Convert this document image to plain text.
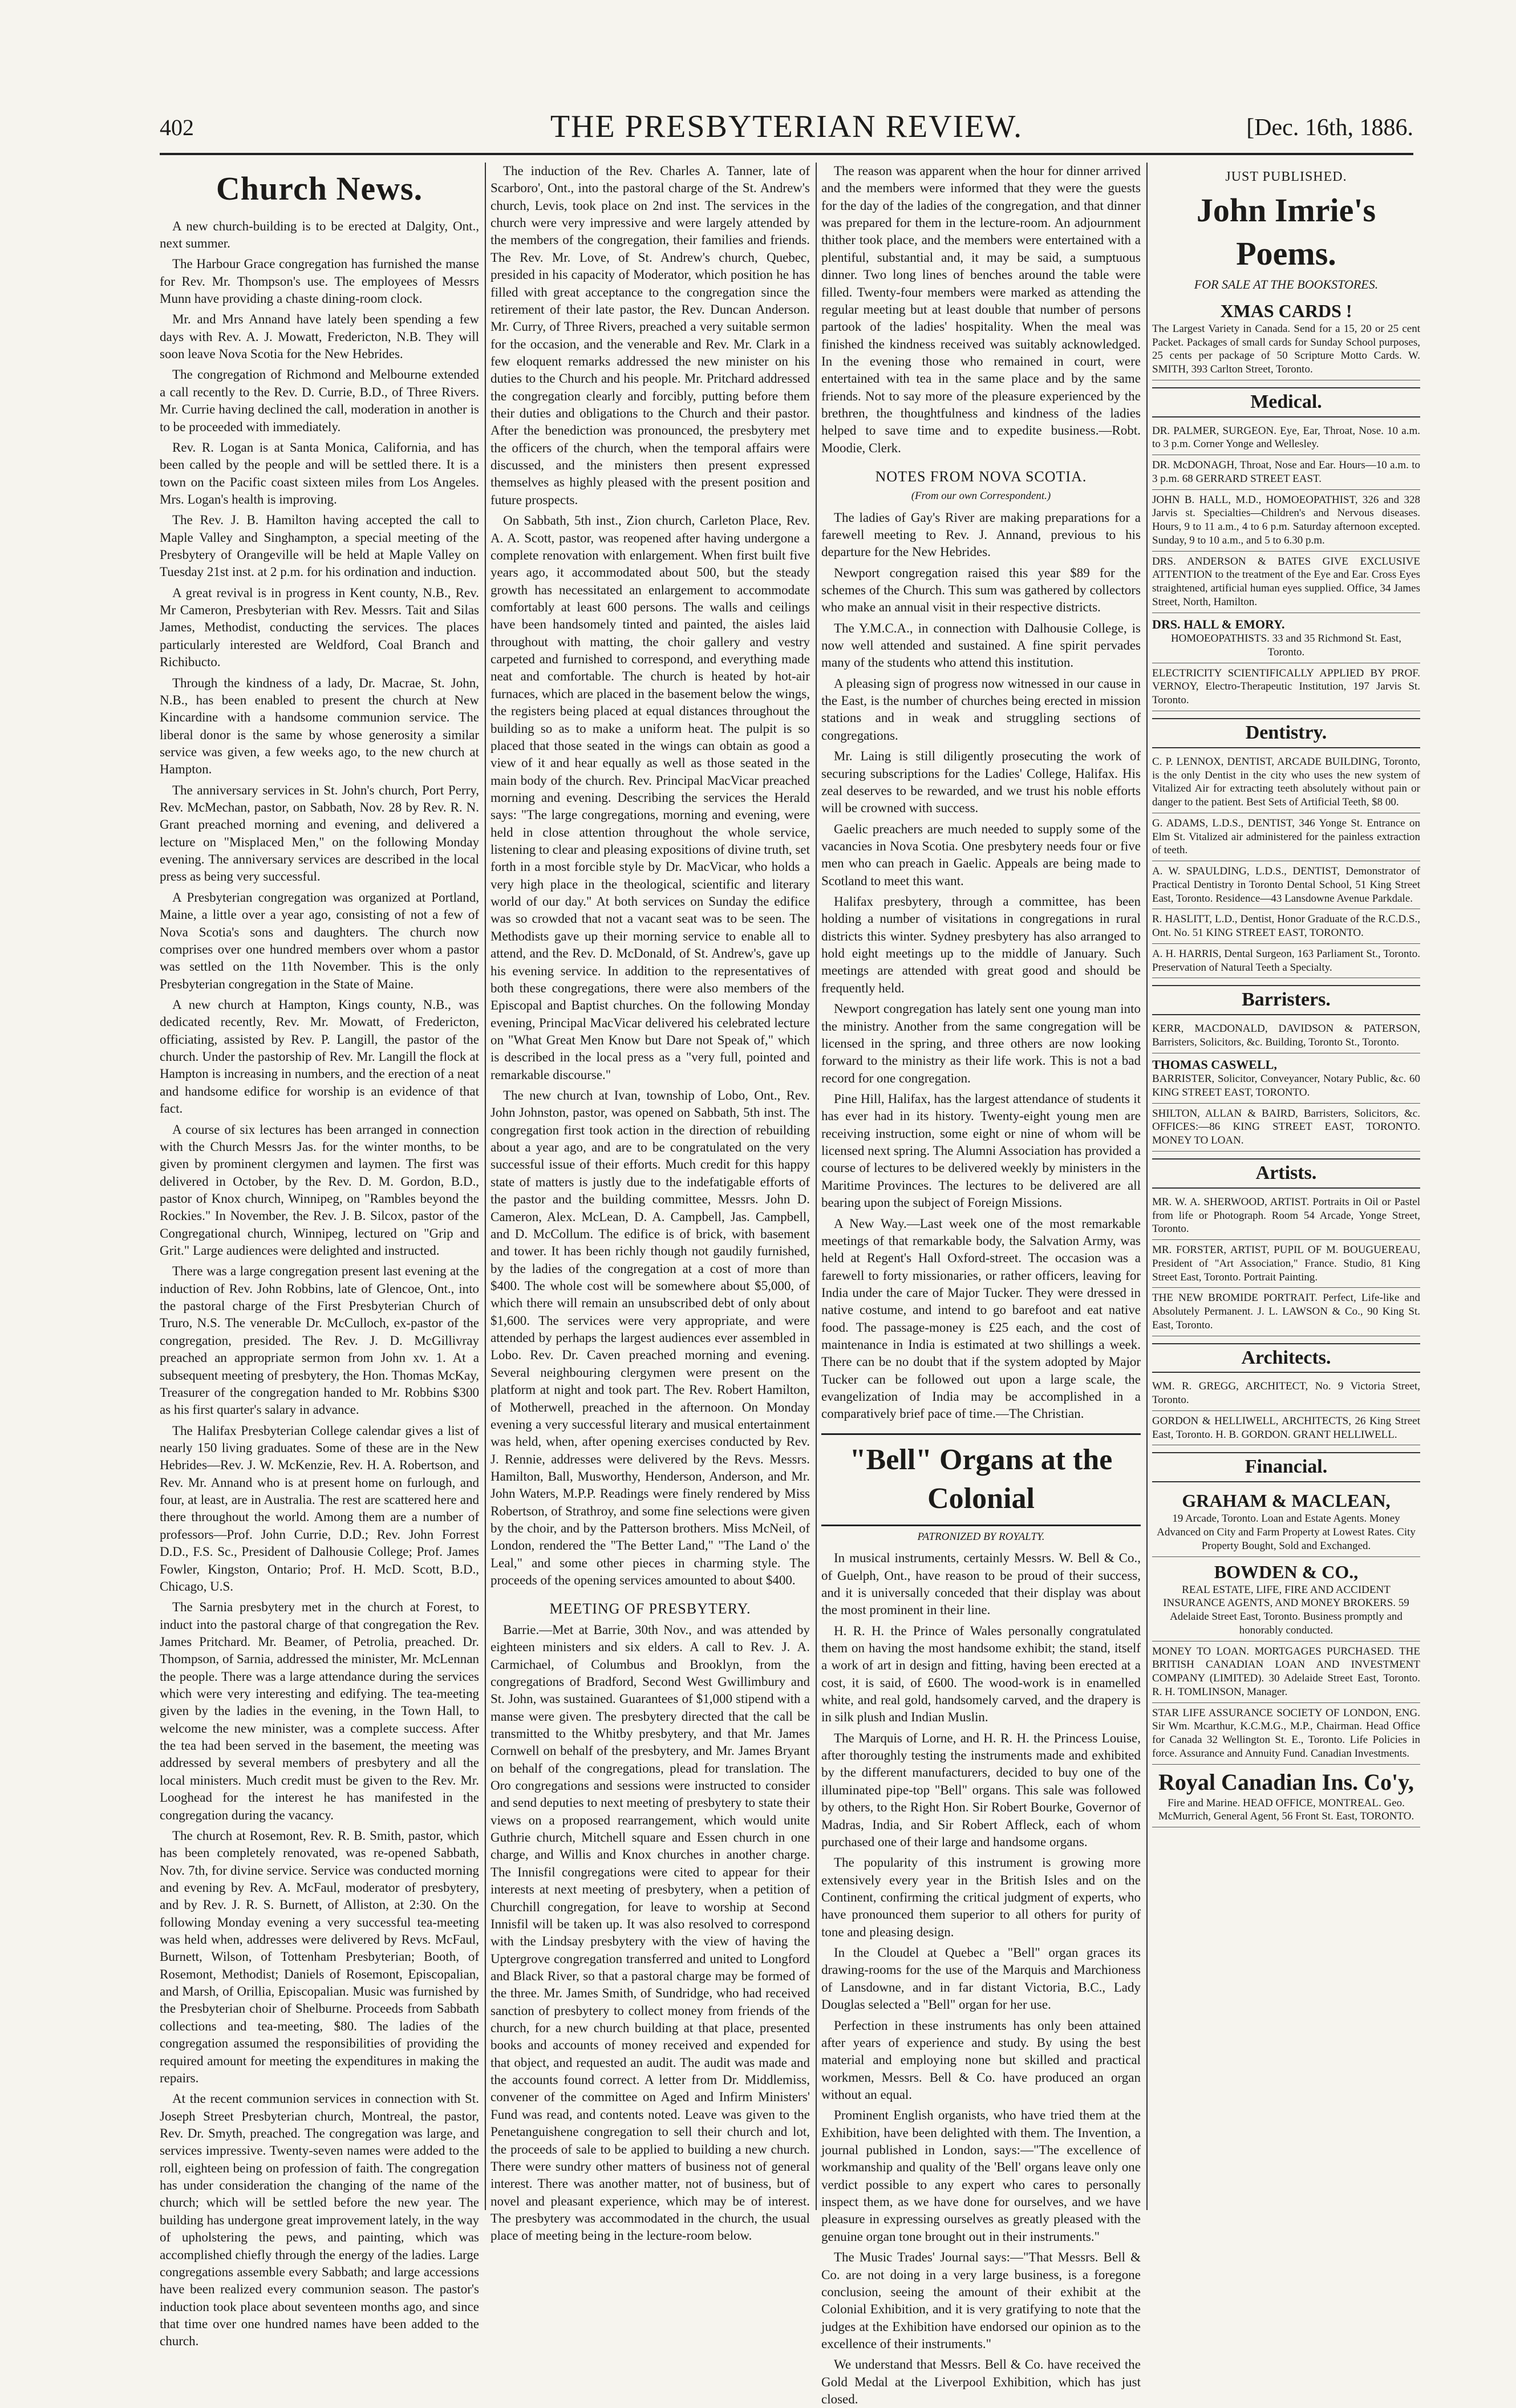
402	THE PRESBYTERIAN REVIEW.	[Dec. 16th, 1886.
Church News.

A new church-building is to be erected at Dalgity, Ont., next summer.

The Harbour Grace congregation has furnished the manse for Rev. Mr. Thompson's use. The employees of Messrs Munn have providing a chaste dining-room clock.

Mr. and Mrs Annand have lately been spending a few days with Rev. A. J. Mowatt, Fredericton, N.B. They will soon leave Nova Scotia for the New Hebrides.

The congregation of Richmond and Melbourne extended a call recently to the Rev. D. Currie, B.D., of Three Rivers. Mr. Currie having declined the call, moderation in another is to be proceeded with immediately.

Rev. R. Logan is at Santa Monica, California, and has been called by the people and will be settled there. It is a town on the Pacific coast sixteen miles from Los Angeles. Mrs. Logan's health is improving.

The Rev. J. B. Hamilton having accepted the call to Maple Valley and Singhampton, a special meeting of the Presbytery of Orangeville will be held at Maple Valley on Tuesday 21st inst. at 2 p.m. for his ordination and induction.

A great revival is in progress in Kent county, N.B., Rev. Mr Cameron, Presbyterian with Rev. Messrs. Tait and Silas James, Methodist, conducting the services. The places particularly interested are Weldford, Coal Branch and Richibucto.

Through the kindness of a lady, Dr. Macrae, St. John, N.B., has been enabled to present the church at New Kincardine with a handsome communion service. The liberal donor is the same by whose generosity a similar service was given, a few weeks ago, to the new church at Hampton.

The anniversary services in St. John's church, Port Perry, Rev. McMechan, pastor, on Sabbath, Nov. 28 by Rev. R. N. Grant preached morning and evening, and delivered a lecture on "Misplaced Men," on the following Monday evening. The anniversary services are described in the local press as being very successful.

A Presbyterian congregation was organized at Portland, Maine, a little over a year ago, consisting of not a few of Nova Scotia's sons and daughters. The church now comprises over one hundred members over whom a pastor was settled on the 11th November. This is the only Presbyterian congregation in the State of Maine.

A new church at Hampton, Kings county, N.B., was dedicated recently, Rev. Mr. Mowatt, of Fredericton, officiating, assisted by Rev. P. Langill, the pastor of the church. Under the pastorship of Rev. Mr. Langill the flock at Hampton is increasing in numbers, and the erection of a neat and handsome edifice for worship is an evidence of that fact.

A course of six lectures has been arranged in connection with the Church Messrs Jas. for the winter months, to be given by prominent clergymen and laymen. The first was delivered in October, by the Rev. D. M. Gordon, B.D., pastor of Knox church, Winnipeg, on "Rambles beyond the Rockies." In November, the Rev. J. B. Silcox, pastor of the Congregational church, Winnipeg, lectured on "Grip and Grit." Large audiences were delighted and instructed.

There was a large congregation present last evening at the induction of Rev. John Robbins, late of Glencoe, Ont., into the pastoral charge of the First Presbyterian Church of Truro, N.S. The venerable Dr. McCulloch, ex-pastor of the congregation, presided. The Rev. J. D. McGillivray preached an appropriate sermon from John xv. 1. At a subsequent meeting of presbytery, the Hon. Thomas McKay, Treasurer of the congregation handed to Mr. Robbins $300 as his first quarter's salary in advance.

The Halifax Presbyterian College calendar gives a list of nearly 150 living graduates. Some of these are in the New Hebrides—Rev. J. W. McKenzie, Rev. H. A. Robertson, and Rev. Mr. Annand who is at present home on furlough, and four, at least, are in Australia. The rest are scattered here and there throughout the world. Among them are a number of professors—Prof. John Currie, D.D.; Rev. John Forrest D.D., F.S. Sc., President of Dalhousie College; Prof. James Fowler, Kingston, Ontario; Prof. H. McD. Scott, B.D., Chicago, U.S.

The Sarnia presbytery met in the church at Forest, to induct into the pastoral charge of that congregation the Rev. James Pritchard. Mr. Beamer, of Petrolia, preached. Dr. Thompson, of Sarnia, addressed the minister, Mr. McLennan the people. There was a large attendance during the services which were very interesting and edifying. The tea-meeting given by the ladies in the evening, in the Town Hall, to welcome the new minister, was a complete success. After the tea had been served in the basement, the meeting was addressed by several members of presbytery and all the local ministers. Much credit must be given to the Rev. Mr. Looghead for the interest he has manifested in the congregation during the vacancy.

The church at Rosemont, Rev. R. B. Smith, pastor, which has been completely renovated, was re-opened Sabbath, Nov. 7th, for divine service. Service was conducted morning and evening by Rev. A. McFaul, moderator of presbytery, and by Rev. J. R. S. Burnett, of Alliston, at 2:30. On the following Monday evening a very successful tea-meeting was held when, addresses were delivered by Revs. McFaul, Burnett, Wilson, of Tottenham Presbyterian; Booth, of Rosemont, Methodist; Daniels of Rosemont, Episcopalian, and Marsh, of Orillia, Episcopalian. Music was furnished by the Presbyterian choir of Shelburne. Proceeds from Sabbath collections and tea-meeting, $80. The ladies of the congregation assumed the responsibilities of providing the required amount for meeting the expenditures in making the repairs.

At the recent communion services in connection with St. Joseph Street Presbyterian church, Montreal, the pastor, Rev. Dr. Smyth, preached. The congregation was large, and services impressive. Twenty-seven names were added to the roll, eighteen being on profession of faith. The congregation has under consideration the changing of the name of the church; which will be settled before the new year. The building has undergone great improvement lately, in the way of upholstering the pews, and painting, which was accomplished chiefly through the energy of the ladies. Large congregations assemble every Sabbath; and large accessions have been realized every communion season. The pastor's induction took place about seventeen months ago, and since that time over one hundred names have been added to the church.

The induction of the Rev. Charles A. Tanner, late of Scarboro', Ont., into the pastoral charge of the St. Andrew's church, Levis, took place on 2nd inst. The services in the church were very impressive and were largely attended by the members of the congregation, their families and friends. The Rev. Mr. Love, of St. Andrew's church, Quebec, presided in his capacity of Moderator, which position he has filled with great acceptance to the congregation since the retirement of their late pastor, the Rev. Duncan Anderson. Mr. Curry, of Three Rivers, preached a very suitable sermon for the occasion, and the venerable and Rev. Mr. Clark in a few eloquent remarks addressed the new minister on his duties to the Church and his people. Mr. Pritchard addressed the congregation clearly and forcibly, putting before them their duties and obligations to the Church and their pastor. After the benediction was pronounced, the presbytery met the officers of the church, when the temporal affairs were discussed, and the ministers then present expressed themselves as highly pleased with the present position and future prospects.

On Sabbath, 5th inst., Zion church, Carleton Place, Rev. A. A. Scott, pastor, was reopened after having undergone a complete renovation with enlargement. When first built five years ago, it accommodated about 500, but the steady growth has necessitated an enlargement to accommodate comfortably at least 600 persons. The walls and ceilings have been handsomely tinted and painted, the aisles laid throughout with matting, the choir gallery and vestry carpeted and furnished to correspond, and everything made neat and comfortable. The church is heated by hot-air furnaces, which are placed in the basement below the wings, the registers being placed at equal distances throughout the building so as to make a uniform heat. The pulpit is so placed that those seated in the wings can obtain as good a view of it and hear equally as well as those seated in the main body of the church. Rev. Principal MacVicar preached morning and evening. Describing the services the Herald says: "The large congregations, morning and evening, were held in close attention throughout the whole service, listening to clear and pleasing expositions of divine truth, set forth in a most forcible style by Dr. MacVicar, who holds a very high place in the theological, scientific and literary world of our day." At both services on Sunday the edifice was so crowded that not a vacant seat was to be seen. The Methodists gave up their morning service to enable all to attend, and the Rev. D. McDonald, of St. Andrew's, gave up his evening service. In addition to the representatives of both these congregations, there were also members of the Episcopal and Baptist churches. On the following Monday evening, Principal MacVicar delivered his celebrated lecture on "What Great Men Know but Dare not Speak of," which is described in the local press as a "very full, pointed and remarkable discourse."

The new church at Ivan, township of Lobo, Ont., Rev. John Johnston, pastor, was opened on Sabbath, 5th inst. The congregation first took action in the direction of rebuilding about a year ago, and are to be congratulated on the very successful issue of their efforts. Much credit for this happy state of matters is justly due to the indefatigable efforts of the pastor and the building committee, Messrs. John D. Cameron, Alex. McLean, D. A. Campbell, Jas. Campbell, and D. McCollum. The edifice is of brick, with basement and tower. It has been richly though not gaudily furnished, by the ladies of the congregation at a cost of more than $400. The whole cost will be somewhere about $5,000, of which there will remain an unsubscribed debt of only about $1,600. The services were very appropriate, and were attended by perhaps the largest audiences ever assembled in Lobo. Rev. Dr. Caven preached morning and evening. Several neighbouring clergymen were present on the platform at night and took part. The Rev. Robert Hamilton, of Motherwell, preached in the afternoon. On Monday evening a very successful literary and musical entertainment was held, when, after opening exercises conducted by Rev. J. Rennie, addresses were delivered by the Revs. Messrs. Hamilton, Ball, Musworthy, Henderson, Anderson, and Mr. John Waters, M.P.P. Readings were finely rendered by Miss Robertson, of Strathroy, and some fine selections were given by the choir, and by the Patterson brothers. Miss McNeil, of London, rendered the "The Better Land," "The Land o' the Leal," and some other pieces in charming style. The proceeds of the opening services amounted to about $400.

MEETING OF PRESBYTERY.

Barrie.—Met at Barrie, 30th Nov., and was attended by eighteen ministers and six elders. A call to Rev. J. A. Carmichael, of Columbus and Brooklyn, from the congregations of Bradford, Second West Gwillimbury and St. John, was sustained. Guarantees of $1,000 stipend with a manse were given. The presbytery directed that the call be transmitted to the Whitby presbytery, and that Mr. James Cornwell on behalf of the presbytery, and Mr. James Bryant on behalf of the congregations, plead for translation. The Oro congregations and sessions were instructed to consider and send deputies to next meeting of presbytery to state their views on a proposed rearrangement, which would unite Guthrie church, Mitchell square and Essen church in one charge, and Willis and Knox churches in another charge. The Innisfil congregations were cited to appear for their interests at next meeting of presbytery, when a petition of Churchill congregation, for leave to worship at Second Innisfil will be taken up. It was also resolved to correspond with the Lindsay presbytery with the view of having the Uptergrove congregation transferred and united to Longford and Black River, so that a pastoral charge may be formed of the three. Mr. James Smith, of Sundridge, who had received sanction of presbytery to collect money from friends of the church, for a new church building at that place, presented books and accounts of money received and expended for that object, and requested an audit. The audit was made and the accounts found correct. A letter from Dr. Middlemiss, convener of the committee on Aged and Infirm Ministers' Fund was read, and contents noted. Leave was given to the Penetanguishene congregation to sell their church and lot, the proceeds of sale to be applied to building a new church. There were sundry other matters of business not of general interest. There was another matter, not of business, but of novel and pleasant experience, which may be of interest. The presbytery was accommodated in the church, the usual place of meeting being in the lecture-room below.

The reason was apparent when the hour for dinner arrived and the members were informed that they were the guests for the day of the ladies of the congregation, and that dinner was prepared for them in the lecture-room. An adjournment thither took place, and the members were entertained with a plentiful, substantial and, it may be said, a sumptuous dinner. Two long lines of benches around the table were filled. Twenty-four members were marked as attending the regular meeting but at least double that number of persons partook of the ladies' hospitality. When the meal was finished the kindness received was suitably acknowledged. In the evening those who remained in court, were entertained with tea in the same place and by the same friends. Not to say more of the pleasure experienced by the brethren, the thoughtfulness and kindness of the ladies helped to save time and to expedite business.—Robt. Moodie, Clerk.

NOTES FROM NOVA SCOTIA.
(From our own Correspondent.)

The ladies of Gay's River are making preparations for a farewell meeting to Rev. J. Annand, previous to his departure for the New Hebrides.

Newport congregation raised this year $89 for the schemes of the Church. This sum was gathered by collectors who make an annual visit in their respective districts.

The Y.M.C.A., in connection with Dalhousie College, is now well attended and sustained. A fine spirit pervades many of the students who attend this institution.

A pleasing sign of progress now witnessed in our cause in the East, is the number of churches being erected in mission stations and in weak and struggling sections of congregations.

Mr. Laing is still diligently prosecuting the work of securing subscriptions for the Ladies' College, Halifax. His zeal deserves to be rewarded, and we trust his noble efforts will be crowned with success.

Gaelic preachers are much needed to supply some of the vacancies in Nova Scotia. One presbytery needs four or five men who can preach in Gaelic. Appeals are being made to Scotland to meet this want.

Halifax presbytery, through a committee, has been holding a number of visitations in congregations in rural districts this winter. Sydney presbytery has also arranged to hold eight meetings up to the middle of January. Such meetings are attended with great good and should be frequently held.

Newport congregation has lately sent one young man into the ministry. Another from the same congregation will be licensed in the spring, and three others are now looking forward to the ministry as their life work. This is not a bad record for one congregation.

Pine Hill, Halifax, has the largest attendance of students it has ever had in its history. Twenty-eight young men are receiving instruction, some eight or nine of whom will be licensed next spring. The Alumni Association has provided a course of lectures to be delivered weekly by ministers in the Maritime Provinces. The lectures to be delivered are all bearing upon the subject of Foreign Missions.

A New Way.—Last week one of the most remarkable meetings of that remarkable body, the Salvation Army, was held at Regent's Hall Oxford-street. The occasion was a farewell to forty missionaries, or rather officers, leaving for India under the care of Major Tucker. They were dressed in native costume, and intend to go barefoot and eat native food. The passage-money is £25 each, and the cost of maintenance in India is estimated at two shillings a week. There can be no doubt that if the system adopted by Major Tucker can be followed out upon a large scale, the evangelization of India may be accomplished in a comparatively brief pace of time.—The Christian.

"Bell" Organs at the Colonial
PATRONIZED BY ROYALTY.

In musical instruments, certainly Messrs. W. Bell & Co., of Guelph, Ont., have reason to be proud of their success, and it is universally conceded that their display was about the most prominent in their line.

H. R. H. the Prince of Wales personally congratulated them on having the most handsome exhibit; the stand, itself a work of art in design and fitting, having been erected at a cost, it is said, of £600. The wood-work is in enamelled white, and real gold, handsomely carved, and the drapery is in silk plush and Indian Muslin.

The Marquis of Lorne, and H. R. H. the Princess Louise, after thoroughly testing the instruments made and exhibited by the different manufacturers, decided to buy one of the illuminated pipe-top "Bell" organs. This sale was followed by others, to the Right Hon. Sir Robert Bourke, Governor of Madras, India, and Sir Robert Affleck, each of whom purchased one of their large and handsome organs.

The popularity of this instrument is growing more extensively every year in the British Isles and on the Continent, confirming the critical judgment of experts, who have pronounced them superior to all others for purity of tone and pleasing design.

In the Cloudel at Quebec a "Bell" organ graces its drawing-rooms for the use of the Marquis and Marchioness of Lansdowne, and in far distant Victoria, B.C., Lady Douglas selected a "Bell" organ for her use.

Perfection in these instruments has only been attained after years of experience and study. By using the best material and employing none but skilled and practical workmen, Messrs. Bell & Co. have produced an organ without an equal.

Prominent English organists, who have tried them at the Exhibition, have been delighted with them. The Invention, a journal published in London, says:—"The excellence of workmanship and quality of the 'Bell' organs leave only one verdict possible to any expert who cares to personally inspect them, as we have done for ourselves, and we have pleasure in expressing ourselves as greatly pleased with the genuine organ tone brought out in their instruments."

The Music Trades' Journal says:—"That Messrs. Bell & Co. are not doing in a very large business, is a foregone conclusion, seeing the amount of their exhibit at the Colonial Exhibition, and it is very gratifying to note that the judges at the Exhibition have endorsed our opinion as to the excellence of their instruments."

We understand that Messrs. Bell & Co. have received the Gold Medal at the Liverpool Exhibition, which has just closed.

JUST PUBLISHED.
John Imrie's Poems.
FOR SALE AT THE BOOKSTORES.
XMAS CARDS !
The Largest Variety in Canada. Send for a 15, 20 or 25 cent Packet. Packages of small cards for Sunday School purposes, 25 cents per package of 50 Scripture Motto Cards. W. SMITH, 393 Carlton Street, Toronto.
Medical.
DR. PALMER, SURGEON. Eye, Ear, Throat, Nose. 10 a.m. to 3 p.m. Corner Yonge and Wellesley.
DR. McDONAGH, Throat, Nose and Ear. Hours—10 a.m. to 3 p.m. 68 GERRARD STREET EAST.
JOHN B. HALL, M.D., HOMOEOPATHIST, 326 and 328 Jarvis st. Specialties—Children's and Nervous diseases. Hours, 9 to 11 a.m., 4 to 6 p.m. Saturday afternoon excepted. Sunday, 9 to 10 a.m., and 5 to 6.30 p.m.
DRS. ANDERSON & BATES GIVE EXCLUSIVE ATTENTION to the treatment of the Eye and Ear. Cross Eyes straightened, artificial human eyes supplied. Office, 34 James Street, North, Hamilton.
DRS. HALL & EMORY.
HOMOEOPATHISTS. 33 and 35 Richmond St. East, Toronto.
ELECTRICITY SCIENTIFICALLY APPLIED BY PROF. VERNOY, Electro-Therapeutic Institution, 197 Jarvis St. Toronto.
Dentistry.
C. P. LENNOX, DENTIST, ARCADE BUILDING, Toronto, is the only Dentist in the city who uses the new system of Vitalized Air for extracting teeth absolutely without pain or danger to the patient. Best Sets of Artificial Teeth, $8 00.
G. ADAMS, L.D.S., DENTIST, 346 Yonge St. Entrance on Elm St. Vitalized air administered for the painless extraction of teeth.
A. W. SPAULDING, L.D.S., DENTIST, Demonstrator of Practical Dentistry in Toronto Dental School, 51 King Street East, Toronto. Residence—43 Lansdowne Avenue Parkdale.
R. HASLITT, L.D., Dentist, Honor Graduate of the R.C.D.S., Ont. No. 51 KING STREET EAST, TORONTO.
A. H. HARRIS, Dental Surgeon, 163 Parliament St., Toronto. Preservation of Natural Teeth a Specialty.
Barristers.
KERR, MACDONALD, DAVIDSON & PATERSON, Barristers, Solicitors, &c. Building, Toronto St., Toronto.
THOMAS CASWELL,
BARRISTER, Solicitor, Conveyancer, Notary Public, &c. 60 KING STREET EAST, TORONTO.
SHILTON, ALLAN & BAIRD, Barristers, Solicitors, &c. OFFICES:—86 KING STREET EAST, TORONTO. MONEY TO LOAN.
Artists.
MR. W. A. SHERWOOD, ARTIST. Portraits in Oil or Pastel from life or Photograph. Room 54 Arcade, Yonge Street, Toronto.
MR. FORSTER, ARTIST, PUPIL OF M. BOUGUEREAU, President of "Art Association," France. Studio, 81 King Street East, Toronto. Portrait Painting.
THE NEW BROMIDE PORTRAIT. Perfect, Life-like and Absolutely Permanent. J. L. LAWSON & Co., 90 King St. East, Toronto.
Architects.
WM. R. GREGG, ARCHITECT, No. 9 Victoria Street, Toronto.
GORDON & HELLIWELL, ARCHITECTS, 26 King Street East, Toronto. H. B. GORDON. GRANT HELLIWELL.
Financial.
GRAHAM & MACLEAN,
19 Arcade, Toronto. Loan and Estate Agents. Money Advanced on City and Farm Property at Lowest Rates. City Property Bought, Sold and Exchanged.
BOWDEN & CO.,
REAL ESTATE, LIFE, FIRE AND ACCIDENT INSURANCE AGENTS, AND MONEY BROKERS. 59 Adelaide Street East, Toronto. Business promptly and honorably conducted.
MONEY TO LOAN. MORTGAGES PURCHASED. THE BRITISH CANADIAN LOAN AND INVESTMENT COMPANY (LIMITED). 30 Adelaide Street East, Toronto. R. H. TOMLINSON, Manager.
STAR LIFE ASSURANCE SOCIETY OF LONDON, ENG. Sir Wm. Mcarthur, K.C.M.G., M.P., Chairman. Head Office for Canada 32 Wellington St. E., Toronto. Life Policies in force. Assurance and Annuity Fund. Canadian Investments.
Royal Canadian Ins. Co'y,
Fire and Marine. HEAD OFFICE, MONTREAL. Geo. McMurrich, General Agent, 56 Front St. East, TORONTO.
